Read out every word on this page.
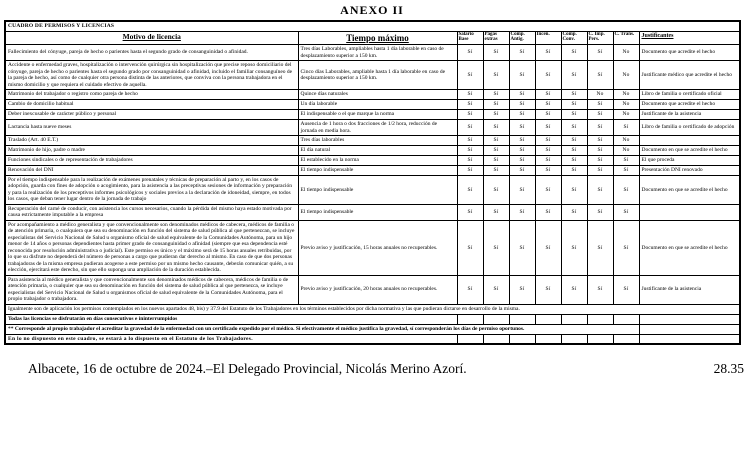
ANEXO II
CUADRO DE PERMISOS Y LICENCIAS									
Motivo de licencia	Tiempo máximo	Salario Base	Pagas extras	Comp. Antig.	Incen.	Comp. Conv.	C. Imp. Pers.	C. Trans.	Justificantes
Fallecimiento del cónyuge, pareja de hecho o parientes hasta el segundo grado de consanguinidad o afinidad.	Tres días Laborables, ampliables hasta 1 día laborable en caso de desplazamiento superior a 150 km.	Sí	Sí	Sí	Sí	Sí	Sí	No	Documento que acredite el hecho
Accidente o enfermedad graves, hospitalización o intervención quirúrgica sin hospitalización que precise reposo domiciliario del cónyuge, pareja de hecho o parientes hasta el segundo grado por consanguinidad o afinidad, incluido el familiar consanguíneo de la pareja de hecho, así como de cualquier otra persona distinta de las anteriores, que conviva con la persona trabajadora en el mismo domicilio y que requiera el cuidado efectivo de aquella.	Cinco días Laborables, ampliable hasta 1 día laborable en caso de desplazamiento superior a 150 km.	Sí	Sí	Sí	Sí	Sí	Sí	No	Justificante médico que acredite el hecho
Matrimonio del trabajador o registro como pareja de hecho	Quince días naturales	Sí	Sí	Sí	Sí	Sí	No	No	Libro de familia o certificado oficial
Cambio de domicilio habitual	Un día laborable	Sí	Sí	Sí	Sí	Sí	Sí	No	Documento que acredite el hecho
Deber inexcusable de carácter público y personal	El indispensable o el que marque la norma	Sí	Sí	Sí	Sí	Sí	Sí	No	Justificante de la asistencia
Lactancia hasta nueve meses	Ausencia de 1 hora o dos fracciones de 1/2 hora, reducción de jornada en media hora.	Sí	Sí	Sí	Sí	Sí	Sí	Sí	Libro de familia o certificado de adopción
Traslado (Art. 40 E.T.)	Tres días laborables	Sí	Sí	Sí	Sí	Sí	Sí	No	
Matrimonio de hijo, padre o madre	El día natural	Sí	Sí	Sí	Sí	Sí	Sí	No	Documento en que se acredite el hecho
Funciones sindicales o de representación de trabajadores	El establecido en la norma	Sí	Sí	Sí	Sí	Sí	Sí	Sí	El que proceda
Renovación del DNI	El tiempo indispensable	Sí	Sí	Sí	Sí	Sí	Sí	Sí	Presentación DNI renovado
Por el tiempo indispensable para la realización de exámenes prenatales y técnicas de preparación al parto y, en los casos de adopción, guarda con fines de adopción o acogimiento, para la asistencia a las preceptivas sesiones de información y preparación y para la realización de los preceptivos informes psicológicos y sociales previos a la declaración de idoneidad, siempre, en todos los casos, que deban tener lugar dentro de la jornada de trabajo	El tiempo indispensable	Sí	Sí	Sí	Sí	Sí	Sí	Sí	Documento en que se acredite el hecho
Recuperación del carné de conducir, con asistencia los cursos necesarios, cuando la pérdida del mismo haya estado motivada por causa estrictamente imputable a la empresa	El tiempo indispensable	Sí	Sí	Sí	Sí	Sí	Sí	Sí	
Por acompañamiento a médico generalista y que convencionalmente son denominados médicos de cabecera, médicos de familia o de atención primaria, o cualquiera que sea su denominación en función del sistema de salud pública al que pertenezcan, se incluye especialistas del Servicio Nacional de Salud u organismo oficial de salud equivalente de la Comunidades Autónoma, para un hijo menor de 14 años o personas dependientes hasta primer grado de consanguinidad o afinidad (siempre que esa dependencia esté reconocida por resolución administrativa o judicial). Este permiso es único y el máximo será de 15 horas anuales retribuidas, por lo que su disfrute no dependerá del número de personas a cargo que pudieran dar derecho al mismo. En caso de que dos personas trabajadoras de la misma empresa pudieran acogerse a este permiso por un mismo hecho causante, deberán comunicar quién, a su elección, ejercitará este derecho, sin que ello suponga una ampliación de la duración establecida.	Previo aviso y justificación, 15 horas anuales no recuperables.	Sí	Sí	Sí	Sí	Sí	Sí	Sí	Documento en que se acredite el hecho
Para asistencia al médico generalista y que convencionalmente son denominados médicos de cabecera, médicos de familia o de atención primaria, o cualquier que sea su denominación en función del sistema de salud pública al que pertenezca, se incluye especialistas del Servicio Nacional de Salud u organismos oficial de salud equivalente de la Comunidades Autónoma, para el propio trabajador o trabajadora.	Previo aviso y justificación, 20 horas anuales no recuperables.	Sí	Sí	Sí	Sí	Sí	Sí	Sí	Justificante de la asistencia
Igualmente son de aplicación los permisos contemplados en los nuevos apartados 48, bis) y 37.9 del Estatuto de los Trabajadores en los términos establecidos por dicha normativa y las que pudieran dictarse en desarrollo de la misma.									
Todas las licencias se disfrutarán en días consecutivos e ininterrumpidos									
** Corresponde al propio trabajador el acreditar la gravedad de la enfermedad con un certificado expedido por el médico. Si efectivamente el médico justifica la gravedad, sí corresponderán los días de permiso oportunos.									
En lo no dispuesto en este cuadro, se estará a lo dispuesto en el Estatuto de los Trabajadores.									
Albacete, 16 de octubre de 2024.–El Delegado Provincial, Nicolás Merino Azorí.	28.35
